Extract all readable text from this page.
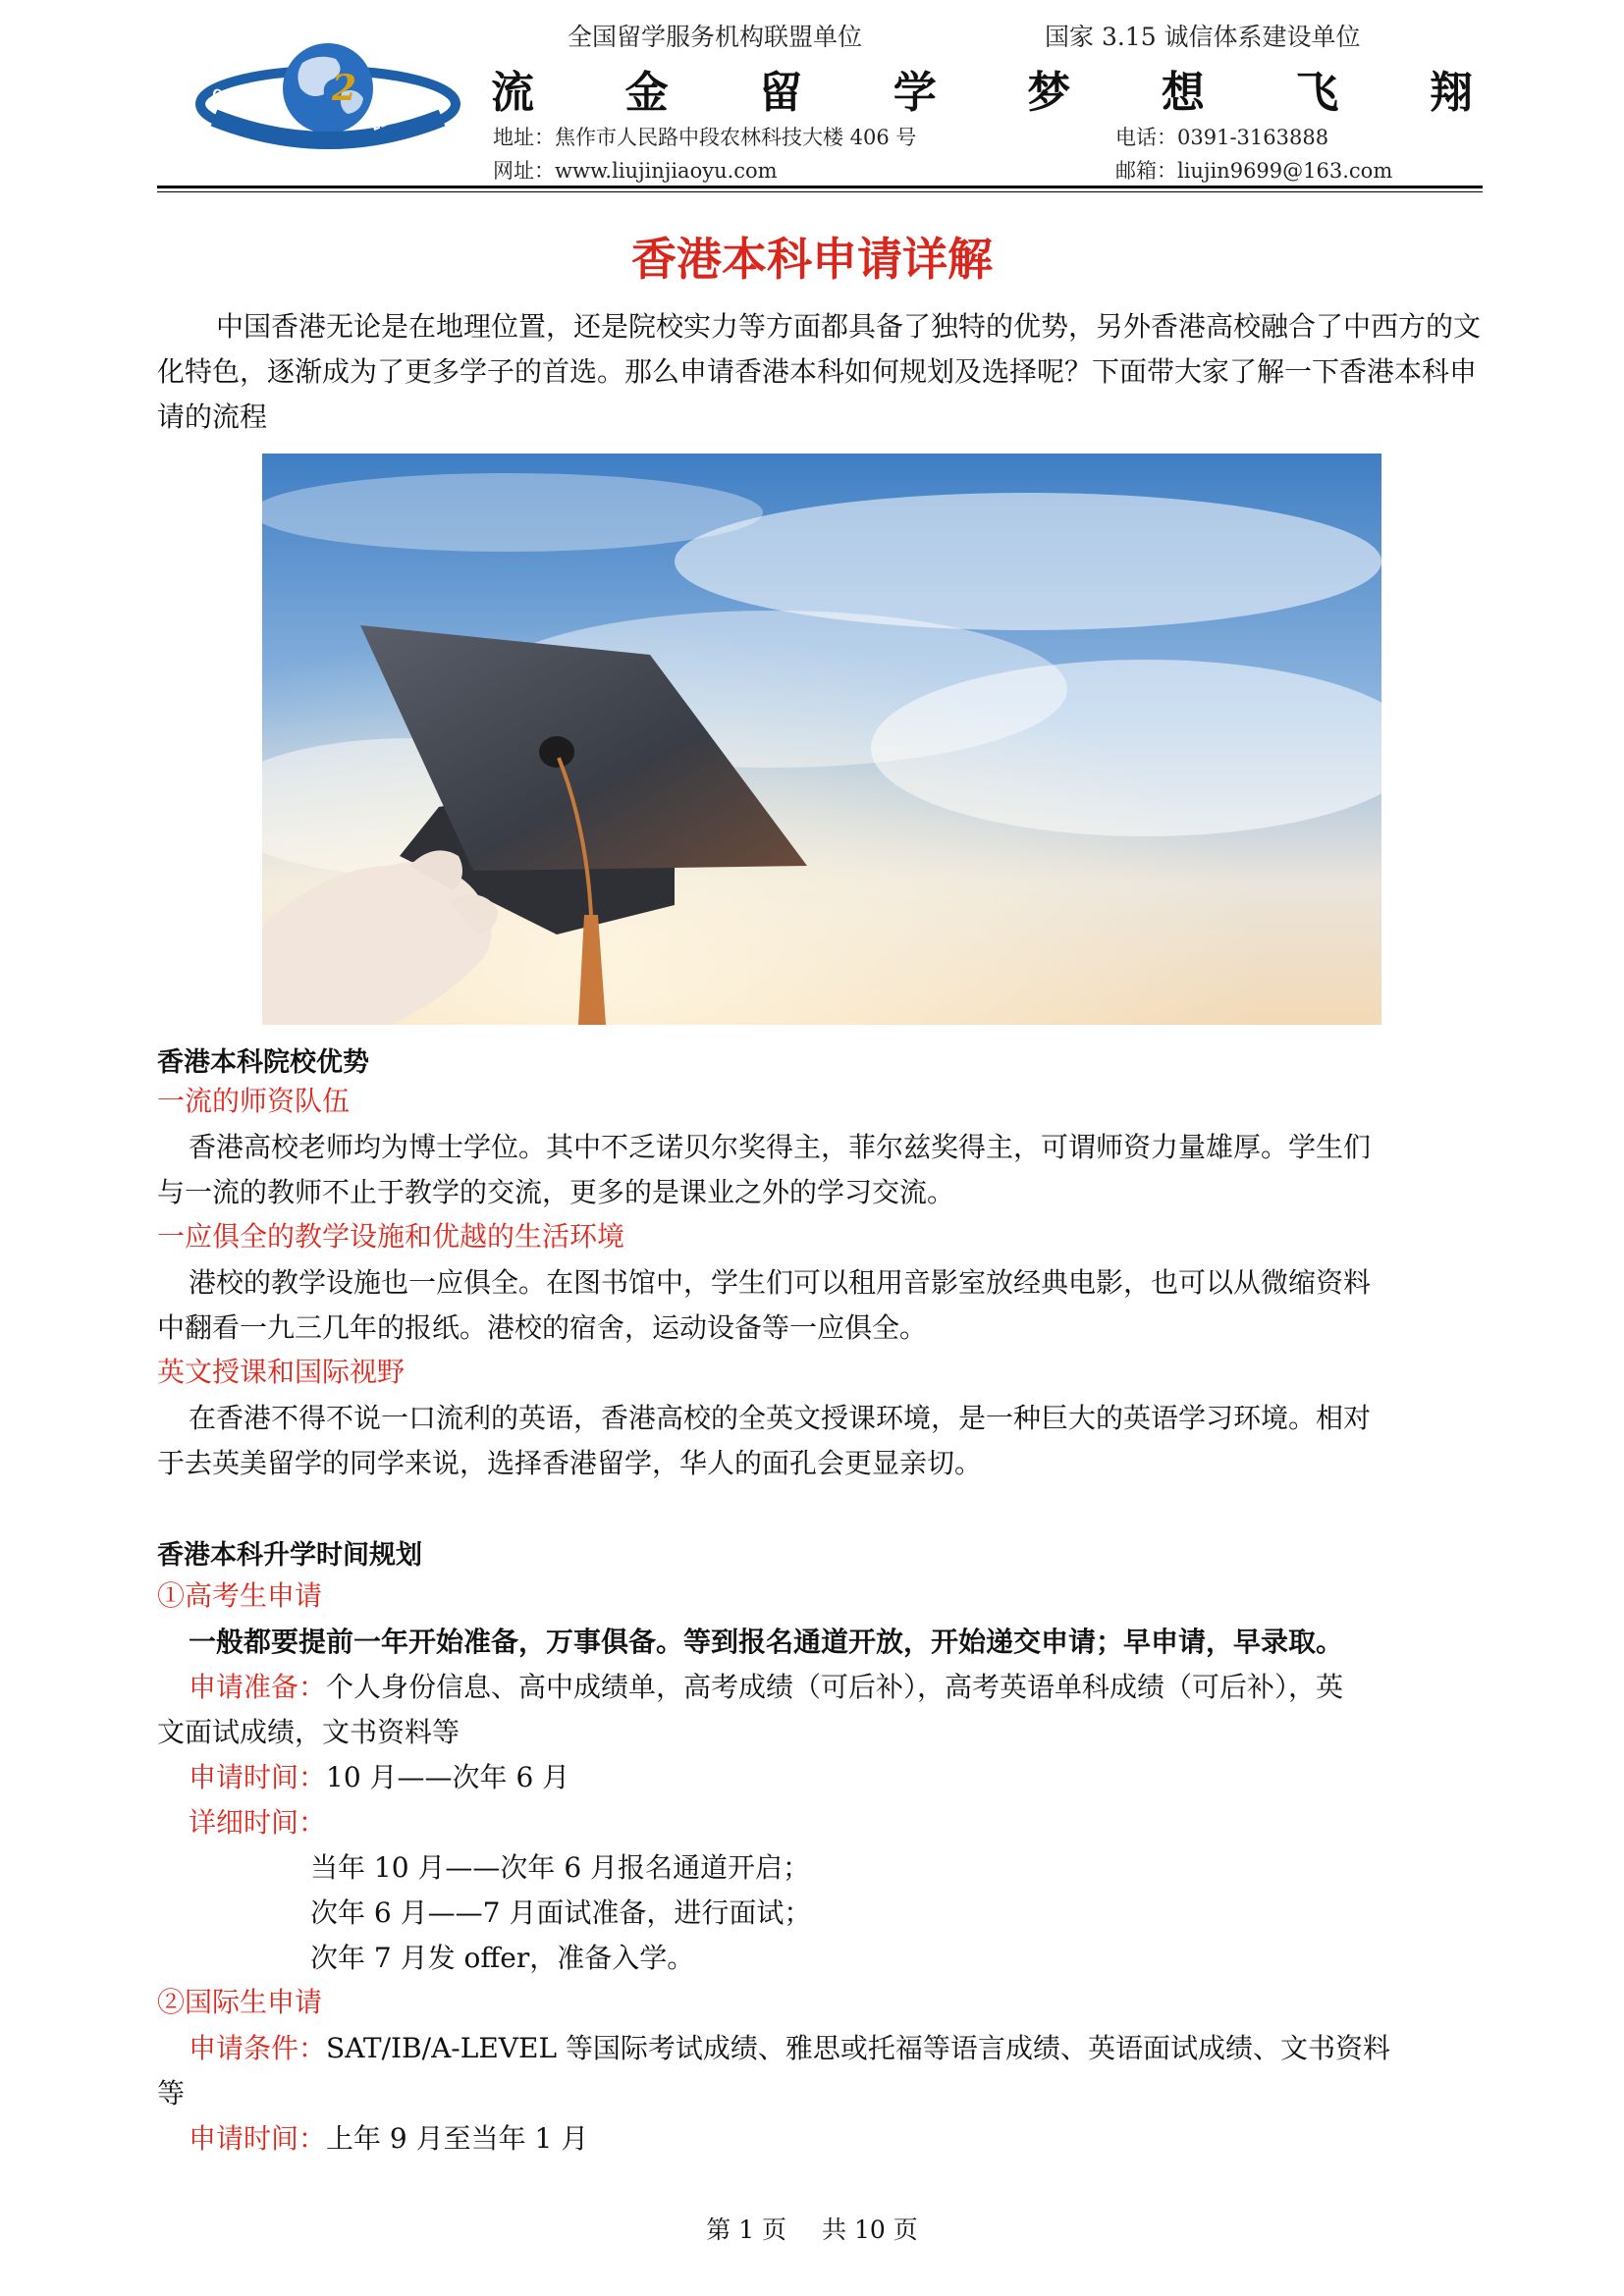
2
OVERSEAS	EDUCATION
全国留学服务机构联盟单位	国家 3.15 诚信体系建设单位
流 金 留 学 梦 想 飞 翔
地址：焦作市人民路中段农林科技大楼 406 号	电话：0391-3163888
网址：www.liujinjiaoyu.com	邮箱：liujin9699@163.com
香港本科申请详解
中国香港无论是在地理位置，还是院校实力等方面都具备了独特的优势，另外香港高校融合了中西方的文化特色，逐渐成为了更多学子的首选。那么申请香港本科如何规划及选择呢？下面带大家了解一下香港本科申请的流程
香港本科院校优势
一流的师资队伍
香港高校老师均为博士学位。其中不乏诺贝尔奖得主，菲尔兹奖得主，可谓师资力量雄厚。学生们
与一流的教师不止于教学的交流，更多的是课业之外的学习交流。
一应俱全的教学设施和优越的生活环境
港校的教学设施也一应俱全。在图书馆中，学生们可以租用音影室放经典电影，也可以从微缩资料
中翻看一九三几年的报纸。港校的宿舍，运动设备等一应俱全。
英文授课和国际视野
在香港不得不说一口流利的英语，香港高校的全英文授课环境，是一种巨大的英语学习环境。相对
于去英美留学的同学来说，选择香港留学，华人的面孔会更显亲切。
香港本科升学时间规划
①高考生申请
一般都要提前一年开始准备，万事俱备。等到报名通道开放，开始递交申请；早申请，早录取。
申请准备：个人身份信息、高中成绩单，高考成绩（可后补），高考英语单科成绩（可后补），英
文面试成绩，文书资料等
申请时间：10 月——次年 6 月
详细时间：
当年 10 月——次年 6 月报名通道开启；
次年 6 月——7 月面试准备，进行面试；
次年 7 月发 offer，准备入学。
②国际生申请
申请条件：SAT/IB/A-LEVEL 等国际考试成绩、雅思或托福等语言成绩、英语面试成绩、文书资料
等
申请时间：上年 9 月至当年 1 月
第 1 页 共 10 页
